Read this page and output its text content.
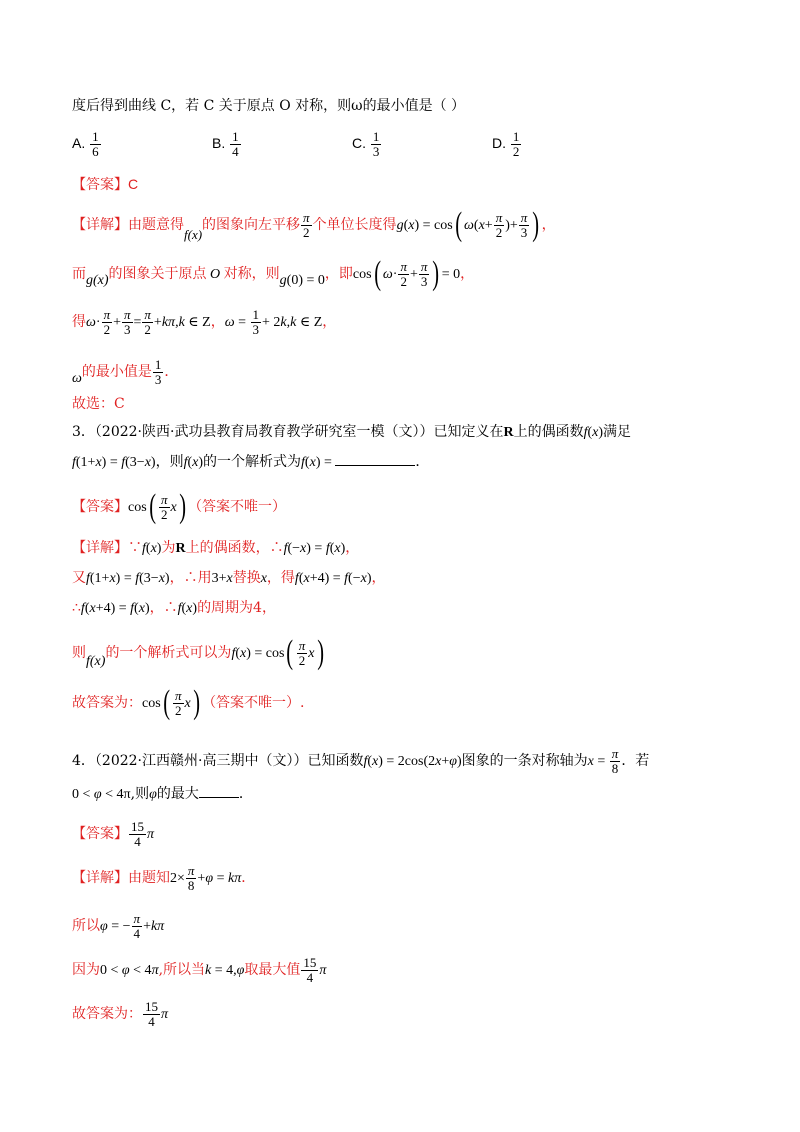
度后得到曲线 C，若 C 关于原点 O 对称，则ω的最小值是（ ）
A. $\frac{1}{6}$	B. $\frac{1}{4}$	C. $\frac{1}{3}$	D. $\frac{1}{2}$
【答案】C
【详解】由题意得f(x)的图象向左平移 $\frac{\pi}{2}$ 个单位长度得g(x) = cos( $\omega(x+ \frac{\pi}{2}$ )+ $\frac{\pi}{3}$ ) ，
而g(x)的图象关于原点 O 对称，则g(0) = 0，即cos( $\omega\cdot \frac{\pi}{2} + \frac{\pi}{3}$ ) = 0，
得$\omega\cdot \frac{\pi}{2} + \frac{\pi}{3} = \frac{\pi}{2} +k\pi,k$ ∈ Z，$\omega = \frac{1}{3} + 2k,k$ ∈ Z，
ω的最小值是 $\frac{1}{3}$ ．
故选：C
3．（2022·陕西·武功县教育局教育教学研究室一模（文））已知定义在R上的偶函数f(x)满足
f(1+x) = f(3−x)，则f(x)的一个解析式为f(x) =	．
【答案】$\cos( \frac{\pi}{2} x)$ （答案不唯一）
【详解】∵f(x)为R上的偶函数，∴f(−x) = f(x)，
又f(1+x) = f(3−x)，∴用3+x替换x，得f(x+4) = f(−x)，
∴f(x+4) = f(x)，∴f(x)的周期为4，
则f(x)的一个解析式可以为$f(x) = \cos( \frac{\pi}{2} x)$
故答案为：$\cos( \frac{\pi}{2} x)$ （答案不唯一）.
4．（2022·江西赣州·高三期中（文））已知函数f(x) = 2cos(2x+φ)图象的一条对称轴为$x = \frac{\pi}{8}$ ．若
0 < φ < 4π,则φ的最大	．
【答案】 $\frac{15}{4}$ π
【详解】由题知$2\times \frac{\pi}{8} +\varphi = k\pi$．
所以φ = − $\frac{\pi}{4} +k\pi$
因为0 < φ < 4π,所以当k = 4,φ取最大值 $\frac{15}{4}$ π
故答案为： $\frac{15}{4}$ π
